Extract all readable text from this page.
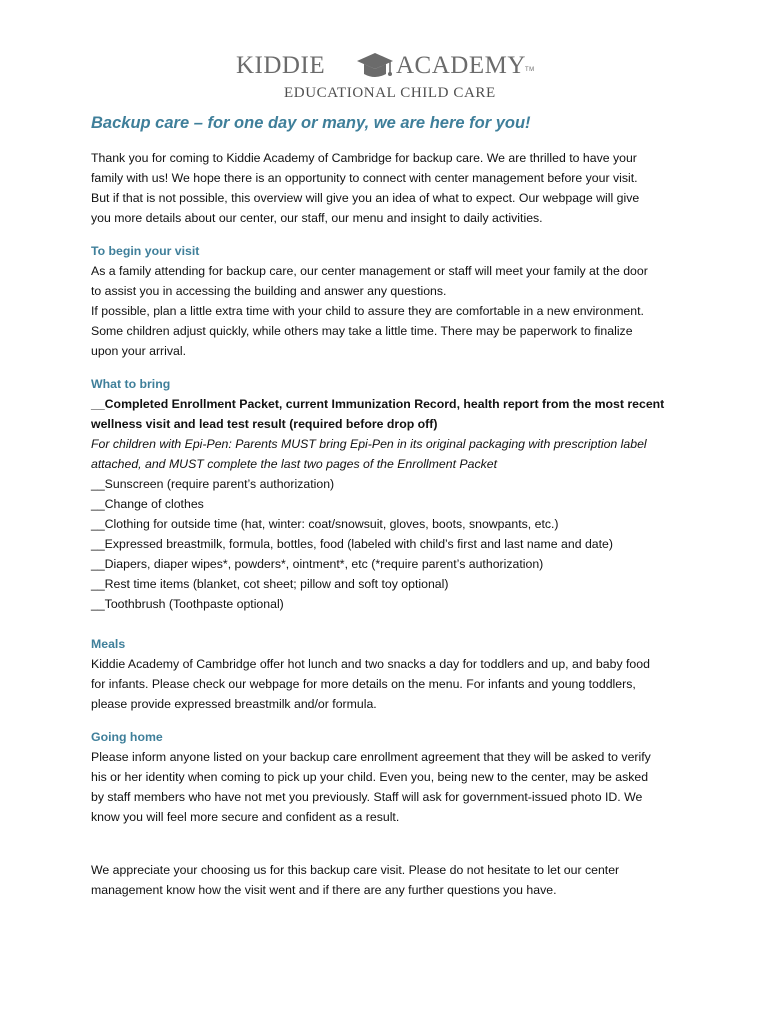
KIDDIE	ACADEMY TM
EDUCATIONAL CHILD CARE
Backup care – for one day or many, we are here for you!

Thank you for coming to Kiddie Academy of Cambridge for backup care. We are thrilled to have your

family with us! We hope there is an opportunity to connect with center management before your visit.

But if that is not possible, this overview will give you an idea of what to expect. Our webpage will give

you more details about our center, our staff, our menu and insight to daily activities.

To begin your visit

As a family attending for backup care, our center management or staff will meet your family at the door

to assist you in accessing the building and answer any questions.

If possible, plan a little extra time with your child to assure they are comfortable in a new environment.

Some children adjust quickly, while others may take a little time. There may be paperwork to finalize

upon your arrival.

What to bring

__Completed Enrollment Packet, current Immunization Record, health report from the most recent

wellness visit and lead test result (required before drop off)

For children with Epi-Pen: Parents MUST bring Epi-Pen in its original packaging with prescription label

attached, and MUST complete the last two pages of the Enrollment Packet

__Sunscreen (require parent’s authorization)

__Change of clothes

__Clothing for outside time (hat, winter: coat/snowsuit, gloves, boots, snowpants, etc.)

__Expressed breastmilk, formula, bottles, food (labeled with child’s first and last name and date)

__Diapers, diaper wipes*, powders*, ointment*, etc (*require parent’s authorization)

__Rest time items (blanket, cot sheet; pillow and soft toy optional)

__Toothbrush (Toothpaste optional)

Meals

Kiddie Academy of Cambridge offer hot lunch and two snacks a day for toddlers and up, and baby food

for infants. Please check our webpage for more details on the menu. For infants and young toddlers,

please provide expressed breastmilk and/or formula.

Going home

Please inform anyone listed on your backup care enrollment agreement that they will be asked to verify

his or her identity when coming to pick up your child. Even you, being new to the center, may be asked

by staff members who have not met you previously. Staff will ask for government-issued photo ID. We

know you will feel more secure and confident as a result.

We appreciate your choosing us for this backup care visit. Please do not hesitate to let our center

management know how the visit went and if there are any further questions you have.
